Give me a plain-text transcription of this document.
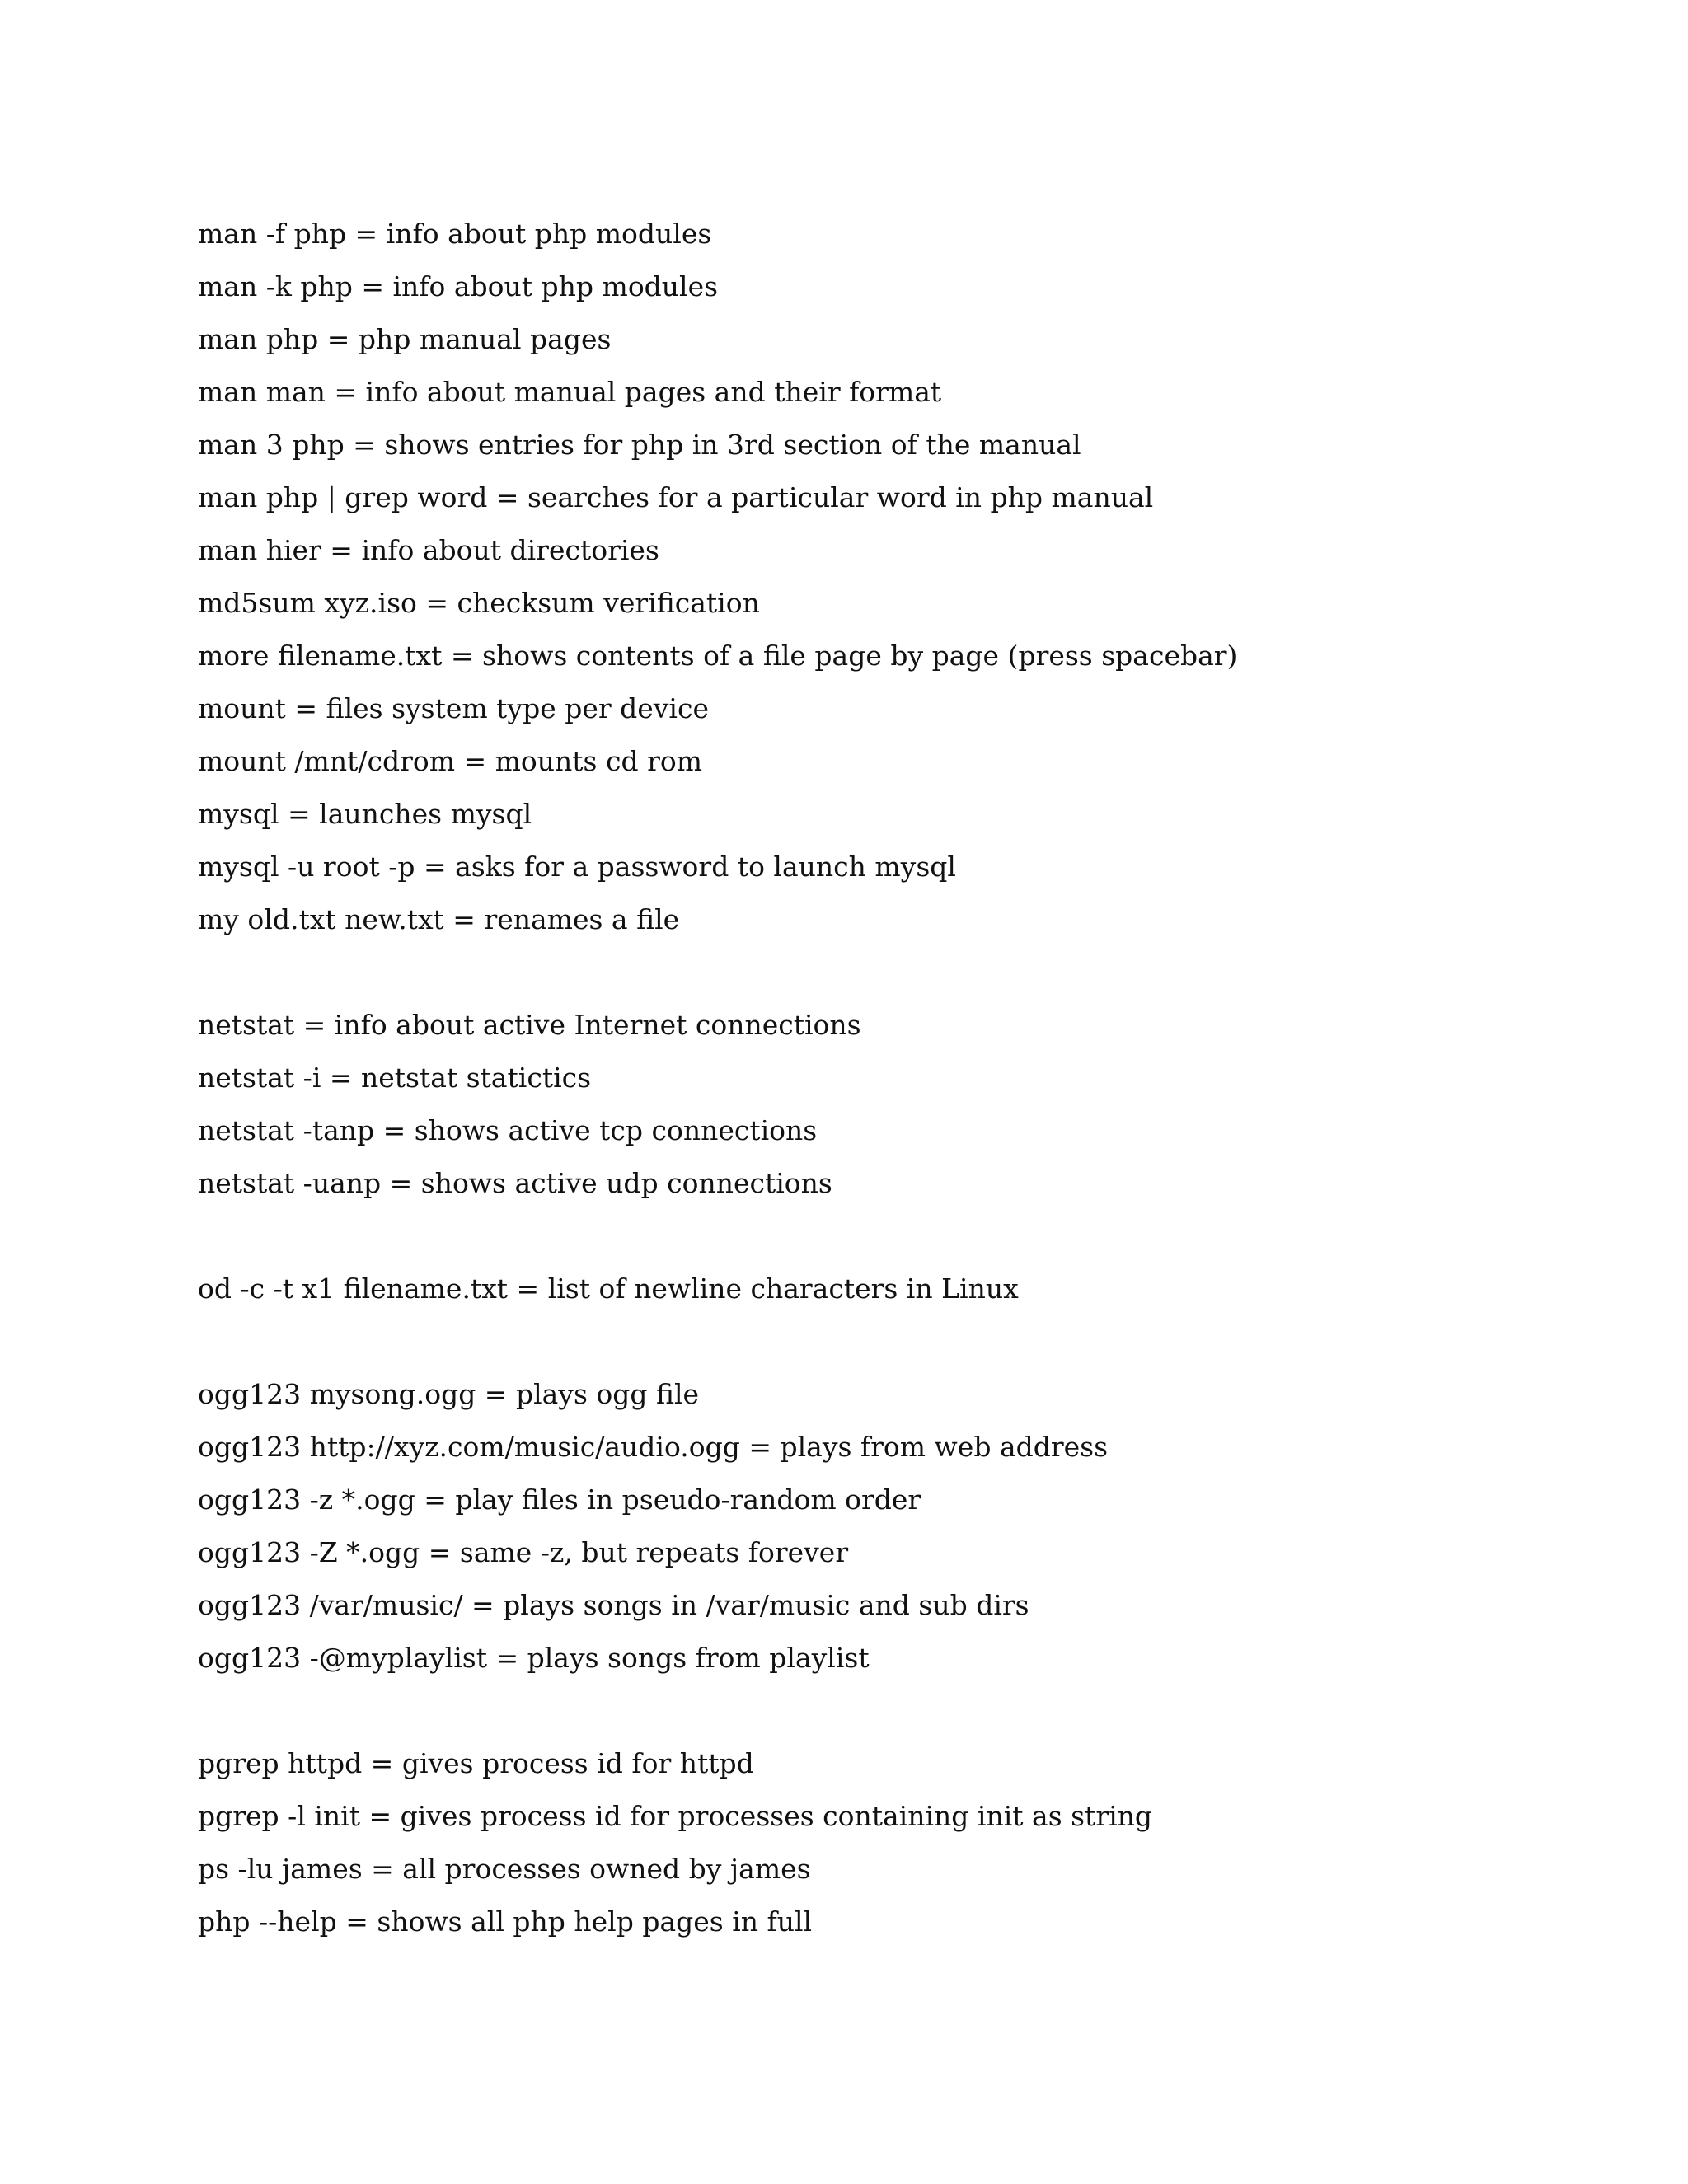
man -f php = info about php modules

man -k php = info about php modules

man php = php manual pages

man man = info about manual pages and their format

man 3 php = shows entries for php in 3rd section of the manual

man php | grep word = searches for a particular word in php manual

man hier = info about directories

md5sum xyz.iso = checksum verification

more filename.txt = shows contents of a file page by page (press spacebar)

mount = files system type per device

mount /mnt/cdrom = mounts cd rom

mysql = launches mysql

mysql -u root -p = asks for a password to launch mysql

my old.txt new.txt = renames a file

netstat = info about active Internet connections

netstat -i = netstat statictics

netstat -tanp = shows active tcp connections

netstat -uanp = shows active udp connections

od -c -t x1 filename.txt = list of newline characters in Linux

ogg123 mysong.ogg = plays ogg file

ogg123 http://xyz.com/music/audio.ogg = plays from web address

ogg123 -z *.ogg = play files in pseudo-random order

ogg123 -Z *.ogg = same -z, but repeats forever

ogg123 /var/music/ = plays songs in /var/music and sub dirs

ogg123 -@myplaylist = plays songs from playlist

pgrep httpd = gives process id for httpd

pgrep -l init = gives process id for processes containing init as string

ps -lu james = all processes owned by james

php --help = shows all php help pages in full
